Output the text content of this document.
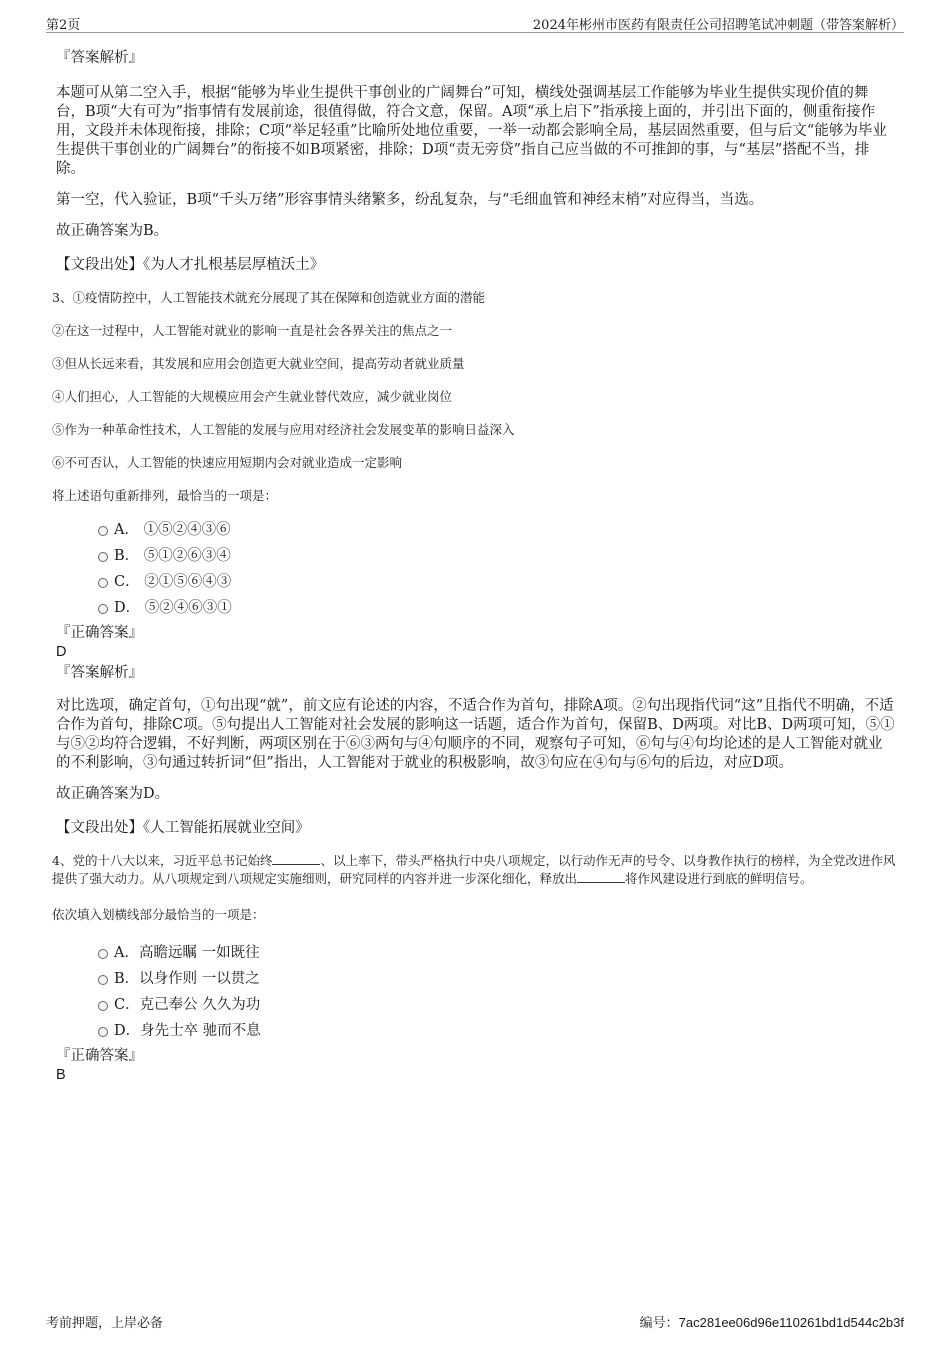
第2页	2024年彬州市医药有限责任公司招聘笔试冲刺题（带答案解析）

『答案解析』

本题可从第二空入手，根据“能够为毕业生提供干事创业的广阔舞台”可知，横线处强调基层工作能够为毕业生提供实现价值的舞台，B项“大有可为”指事情有发展前途，很值得做，符合文意，保留。A项“承上启下”指承接上面的，并引出下面的，侧重衔接作用，文段并未体现衔接，排除；C项“举足轻重”比喻所处地位重要，一举一动都会影响全局，基层固然重要，但与后文“能够为毕业生提供干事创业的广阔舞台”的衔接不如B项紧密，排除；D项“责无旁贷”指自己应当做的不可推卸的事，与“基层”搭配不当，排除。

第一空，代入验证，B项“千头万绪”形容事情头绪繁多，纷乱复杂，与“毛细血管和神经末梢”对应得当，当选。

故正确答案为B。

【文段出处】《为人才扎根基层厚植沃土》

3、①疫情防控中，人工智能技术就充分展现了其在保障和创造就业方面的潜能

②在这一过程中，人工智能对就业的影响一直是社会各界关注的焦点之一

③但从长远来看，其发展和应用会创造更大就业空间，提高劳动者就业质量

④人们担心，人工智能的大规模应用会产生就业替代效应，减少就业岗位

⑤作为一种革命性技术，人工智能的发展与应用对经济社会发展变革的影响日益深入

⑥不可否认，人工智能的快速应用短期内会对就业造成一定影响

将上述语句重新排列，最恰当的一项是：

A． ①⑤②④③⑥
B． ⑤①②⑥③④
C． ②①⑤⑥④③
D． ⑤②④⑥③①

『正确答案』

D

『答案解析』

对比选项，确定首句，①句出现“就”，前文应有论述的内容，不适合作为首句，排除A项。②句出现指代词“这”且指代不明确，不适合作为首句，排除C项。⑤句提出人工智能对社会发展的影响这一话题，适合作为首句，保留B、D两项。对比B、D两项可知，⑤①与⑤②均符合逻辑，不好判断，两项区别在于⑥③两句与④句顺序的不同，观察句子可知，⑥句与④句均论述的是人工智能对就业的不利影响，③句通过转折词“但”指出，人工智能对于就业的积极影响，故③句应在④句与⑥句的后边，对应D项。

故正确答案为D。

【文段出处】《人工智能拓展就业空间》

4、党的十八大以来，习近平总书记始终	、以上率下，带头严格执行中央八项规定，以行动作无声的号令、以身教作执行的榜样，为全党改进作风提供了强大动力。从八项规定到八项规定实施细则，研究同样的内容并进一步深化细化，释放出	将作风建设进行到底的鲜明信号。

依次填入划横线部分最恰当的一项是：

A．高瞻远瞩 一如既往
B．以身作则 一以贯之
C．克己奉公 久久为功
D．身先士卒 驰而不息

『正确答案』

B

考前押题，上岸必备	编号：7ac281ee06d96e110261bd1d544c2b3f
